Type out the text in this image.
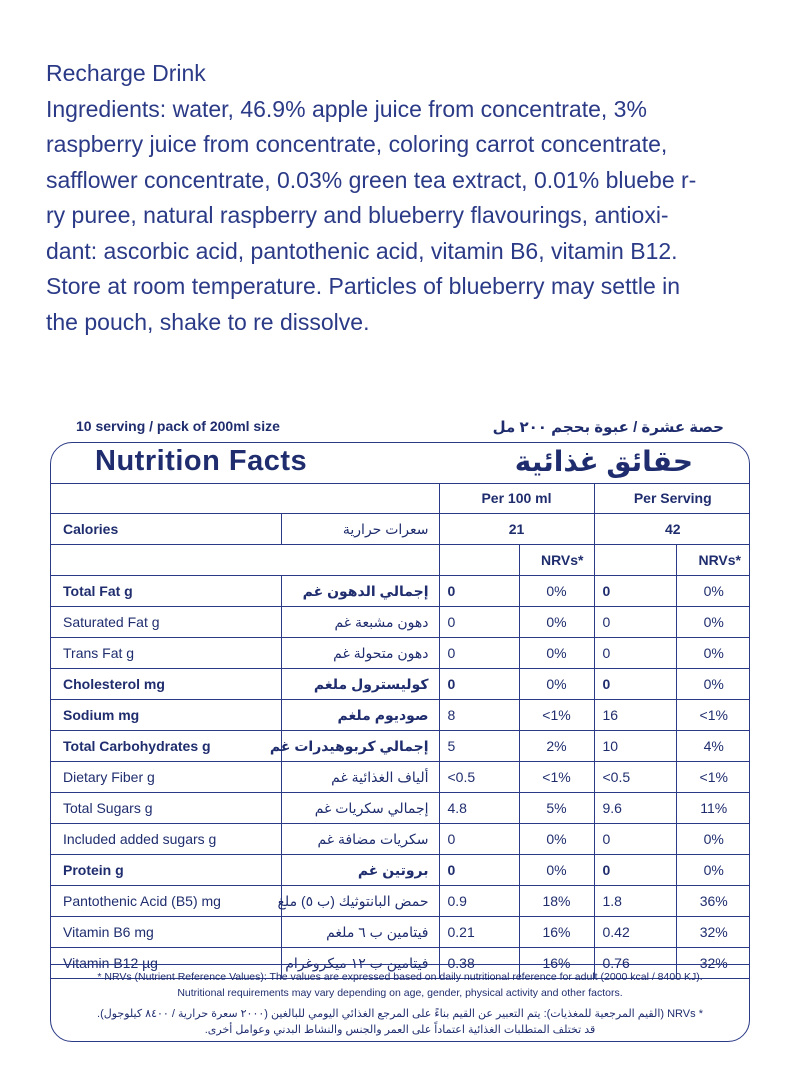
Recharge Drink
Ingredients: water, 46.9% apple juice from concentrate, 3%
raspberry juice from concentrate, coloring carrot concentrate,
safflower concentrate, 0.03% green tea extract, 0.01% bluebe r-
ry puree, natural raspberry and blueberry flavourings, antioxi-
dant: ascorbic acid, pantothenic acid, vitamin B6, vitamin B12.
Store at room temperature. Particles of blueberry may settle in
the pouch, shake to re dissolve.
10 serving / pack of 200ml size	حصة عشرة / عبوة بحجم ٢٠٠ مل
Nutrition Facts	حقائق غذائية
		Per 100 ml		Per Serving	
Calories	سعرات حرارية	21		42	
			NRVs*		NRVs*
Total Fat g	إجمالي الدهون غم	0	0%	0	0%
Saturated Fat g	دهون مشبعة غم	0	0%	0	0%
Trans Fat g	دهون متحولة غم	0	0%	0	0%
Cholesterol mg	كوليسترول ملغم	0	0%	0	0%
Sodium mg	صوديوم ملغم	8	<1%	16	<1%
Total Carbohydrates g	إجمالي كربوهيدرات غم	5	2%	10	4%
Dietary Fiber g	ألياف الغذائية غم	<0.5	<1%	<0.5	<1%
Total Sugars g	إجمالي سكريات غم	4.8	5%	9.6	11%
Included added sugars g	سكريات مضافة غم	0	0%	0	0%
Protein g	بروتين غم	0	0%	0	0%
Pantothenic Acid (B5) mg	حمض البانتوثيك (ب ٥) ملغ	0.9	18%	1.8	36%
Vitamin B6 mg	فيتامين ب ٦ ملغم	0.21	16%	0.42	32%
Vitamin B12 µg	فيتامين ب ١٢ ميكروغرام	0.38	16%	0.76	32%
* NRVs (Nutrient Reference Values): The values are expressed based on daily nutritional reference for adult (2000 kcal / 8400 KJ).
Nutritional requirements may vary depending on age, gender, physical activity and other factors.
* NRVs (القيم المرجعية للمغذيات): يتم التعبير عن القيم بناءً على المرجع الغذائي اليومي للبالغين (٢٠٠٠ سعرة حرارية / ٨٤٠٠ كيلوجول).
قد تختلف المتطلبات الغذائية اعتماداً على العمر والجنس والنشاط البدني وعوامل أخرى.
